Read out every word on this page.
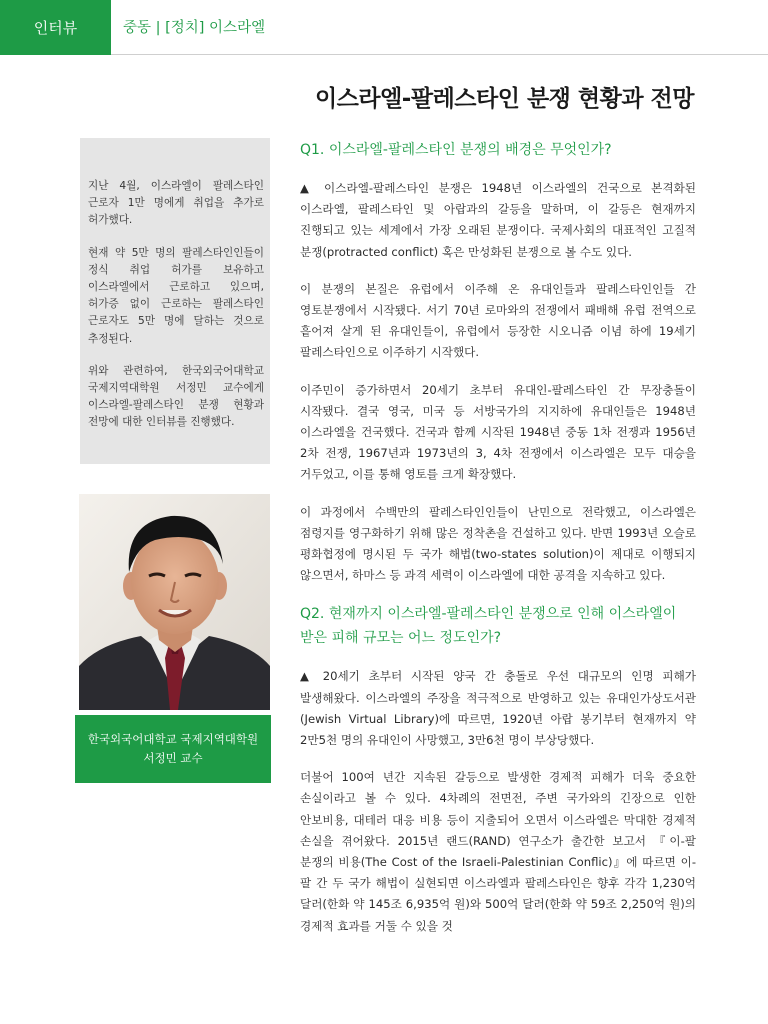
인터뷰	중동 | [정치] 이스라엘
이스라엘-팔레스타인 분쟁 현황과 전망

지난 4월, 이스라엘이 팔레스타인 근로자 1만 명에게 취업을 추가로 허가했다.

현재 약 5만 명의 팔레스타인인들이 정식 취업 허가를 보유하고 이스라엘에서 근로하고 있으며, 허가증 없이 근로하는 팔레스타인 근로자도 5만 명에 달하는 것으로 추정된다.

위와 관련하여, 한국외국어대학교 국제지역대학원 서정민 교수에게 이스라엘-팔레스타인 분쟁 현황과 전망에 대한 인터뷰를 진행했다.

한국외국어대학교 국제지역대학원
서정민 교수
Q1. 이스라엘-팔레스타인 분쟁의 배경은 무엇인가?

▲ 이스라엘-팔레스타인 분쟁은 1948년 이스라엘의 건국으로 본격화된 이스라엘, 팔레스타인 및 아랍과의 갈등을 말하며, 이 갈등은 현재까지 진행되고 있는 세계에서 가장 오래된 분쟁이다. 국제사회의 대표적인 고질적 분쟁(protracted conflict) 혹은 만성화된 분쟁으로 볼 수도 있다.

이 분쟁의 본질은 유럽에서 이주해 온 유대인들과 팔레스타인인들 간 영토분쟁에서 시작됐다. 서기 70년 로마와의 전쟁에서 패배해 유럽 전역으로 흩어져 살게 된 유대인들이, 유럽에서 등장한 시오니즘 이념 하에 19세기 팔레스타인으로 이주하기 시작했다.

이주민이 증가하면서 20세기 초부터 유대인-팔레스타인 간 무장충돌이 시작됐다. 결국 영국, 미국 등 서방국가의 지지하에 유대인들은 1948년 이스라엘을 건국했다. 건국과 함께 시작된 1948년 중동 1차 전쟁과 1956년 2차 전쟁, 1967년과 1973년의 3, 4차 전쟁에서 이스라엘은 모두 대승을 거두었고, 이를 통해 영토를 크게 확장했다.

이 과정에서 수백만의 팔레스타인인들이 난민으로 전락했고, 이스라엘은 점령지를 영구화하기 위해 많은 정착촌을 건설하고 있다. 반면 1993년 오슬로 평화협정에 명시된 두 국가 해법(two-states solution)이 제대로 이행되지 않으면서, 하마스 등 과격 세력이 이스라엘에 대한 공격을 지속하고 있다.

Q2. 현재까지 이스라엘-팔레스타인 분쟁으로 인해 이스라엘이 받은 피해 규모는 어느 정도인가?

▲ 20세기 초부터 시작된 양국 간 충돌로 우선 대규모의 인명 피해가 발생해왔다. 이스라엘의 주장을 적극적으로 반영하고 있는 유대인가상도서관(Jewish Virtual Library)에 따르면, 1920년 아랍 봉기부터 현재까지 약 2만5천 명의 유대인이 사망했고, 3만6천 명이 부상당했다.

더불어 100여 년간 지속된 갈등으로 발생한 경제적 피해가 더욱 중요한 손실이라고 볼 수 있다. 4차례의 전면전, 주변 국가와의 긴장으로 인한 안보비용, 대테러 대응 비용 등이 지출되어 오면서 이스라엘은 막대한 경제적 손실을 겪어왔다. 2015년 랜드(RAND) 연구소가 출간한 보고서 『이-팔 분쟁의 비용(The Cost of the Israeli-Palestinian Conflic)』에 따르면 이-팔 간 두 국가 해법이 실현되면 이스라엘과 팔레스타인은 향후 각각 1,230억 달러(한화 약 145조 6,935억 원)와 500억 달러(한화 약 59조 2,250억 원)의 경제적 효과를 거둘 수 있을 것
